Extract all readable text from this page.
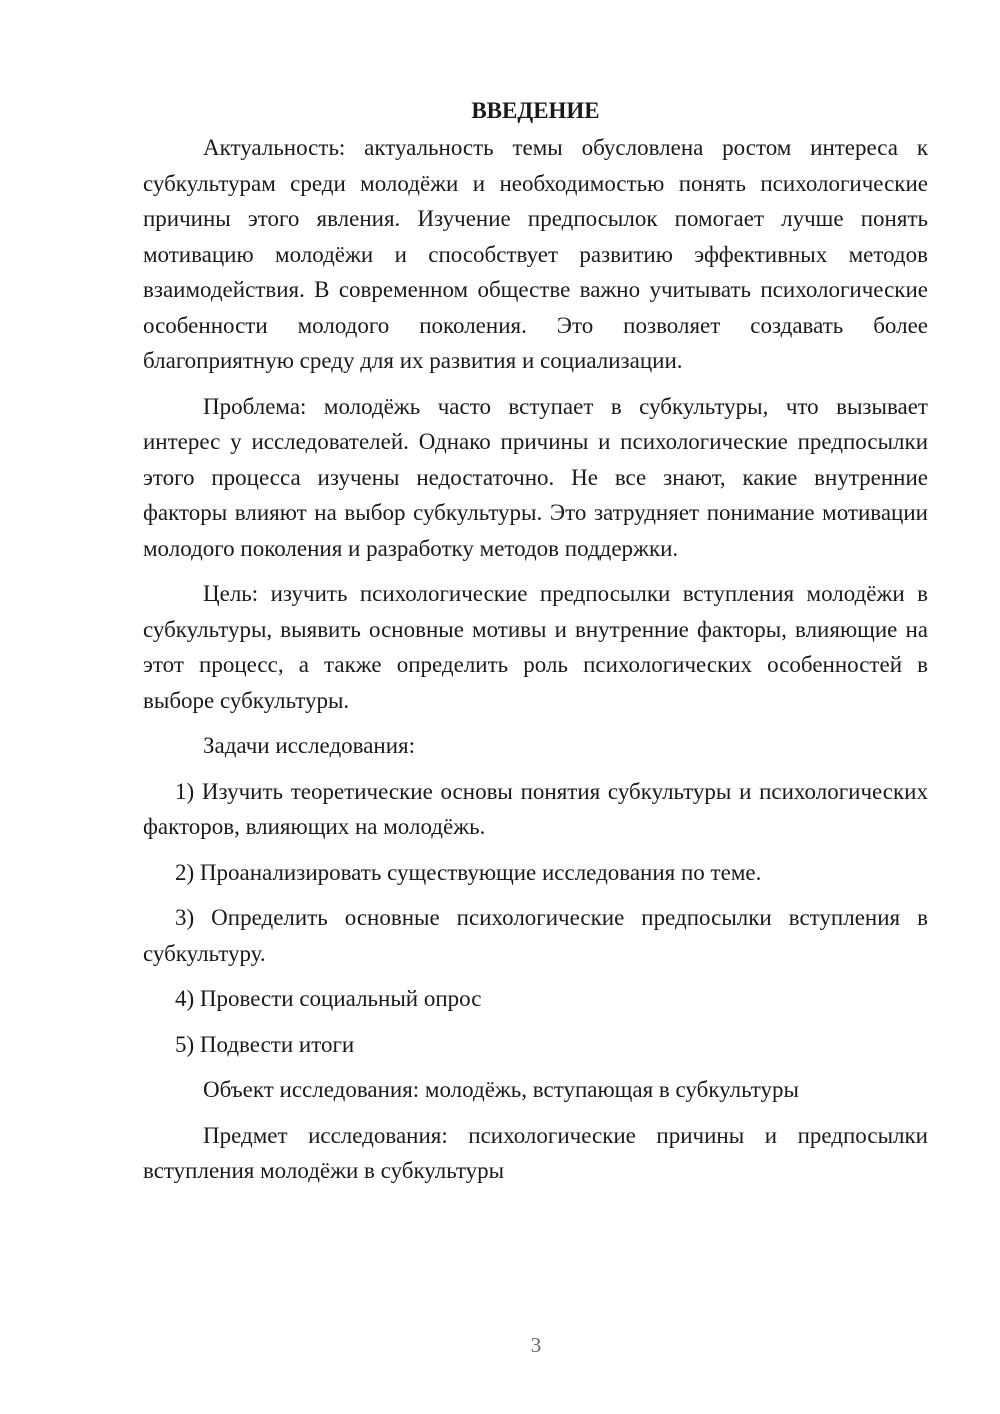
ВВЕДЕНИЕ

Актуальность: актуальность темы обусловлена ростом интереса к субкультурам среди молодёжи и необходимостью понять психологические причины этого явления. Изучение предпосылок помогает лучше понять мотивацию молодёжи и способствует развитию эффективных методов взаимодействия. В современном обществе важно учитывать психологические особенности молодого поколения. Это позволяет создавать более благоприятную среду для их развития и социализации.

Проблема: молодёжь часто вступает в субкультуры, что вызывает интерес у исследователей. Однако причины и психологические предпосылки этого процесса изучены недостаточно. Не все знают, какие внутренние факторы влияют на выбор субкультуры. Это затрудняет понимание мотивации молодого поколения и разработку методов поддержки.

Цель: изучить психологические предпосылки вступления молодёжи в субкультуры, выявить основные мотивы и внутренние факторы, влияющие на этот процесс, а также определить роль психологических особенностей в выборе субкультуры.

Задачи исследования:

1) Изучить теоретические основы понятия субкультуры и психологических факторов, влияющих на молодёжь.

2) Проанализировать существующие исследования по теме.

3) Определить основные психологические предпосылки вступления в субкультуру.

4) Провести социальный опрос

5) Подвести итоги

Объект исследования: молодёжь, вступающая в субкультуры

Предмет исследования: психологические причины и предпосылки вступления молодёжи в субкультуры

3
